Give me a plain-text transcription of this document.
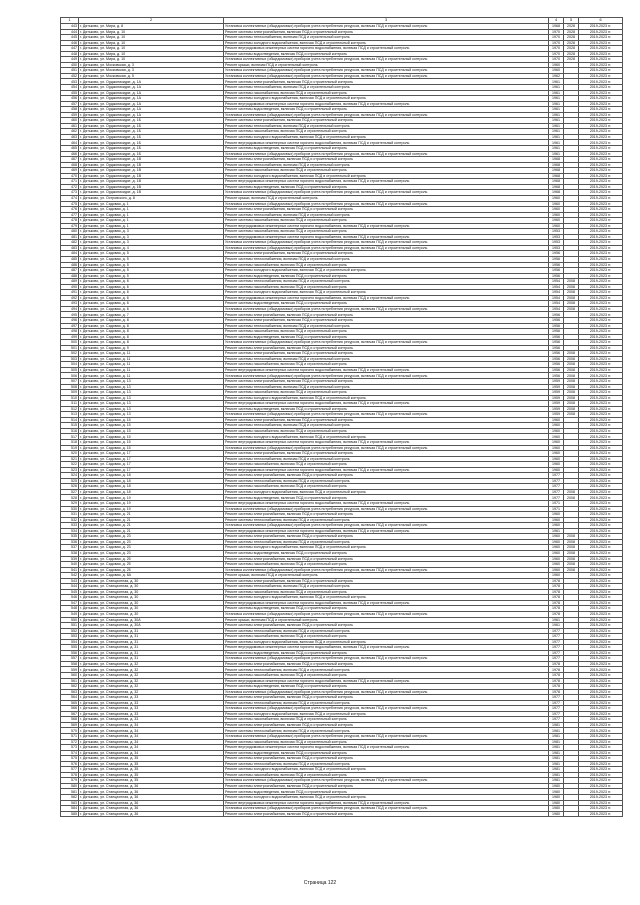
1	2	3	4	5	6
443	г. Дятьково, ул. Мира, д. 8	Установка коллективных (общедомовых) приборов учета потребления ресурсов, включая ПСД и строительный контроль	1968	2028	2019-2023 гг.
444	г. Дятьково, ул. Мира, д. 10	Ремонт системы электроснабжения, включая ПСД и строительный контроль	1970	2028	2019-2023 гг.
445	г. Дятьково, ул. Мира, д. 10	Ремонт системы теплоснабжения, включая ПСД и строительный контроль	1970	2028	2019-2023 гг.
446	г. Дятьково, ул. Мира, д. 10	Ремонт системы холодного водоснабжения, включая ПСД и строительный контроль	1970	2028	2019-2023 гг.
447	г. Дятьково, ул. Мира, д. 10	Ремонт внутридомовых инженерных систем горячего водоснабжения, включая ПСД и строительный контроль	1970	2028	2019-2023 гг.
448	г. Дятьково, ул. Мира, д. 10	Ремонт системы водоотведения, включая ПСД и строительный контроль	1970	2028	2019-2023 гг.
449	г. Дятьково, ул. Мира, д. 10	Установка коллективных (общедомовых) приборов учета потребления ресурсов, включая ПСД и строительный контроль	1970	2028	2019-2023 гг.
450	г. Дятьково, ул. Московская, д. 3	Ремонт крыши, включая ПСД и строительный контроль	1960		2019-2023 гг.
451	г. Дятьково, ул. Московская, д. 3	Установка коллективных (общедомовых) приборов учета потребления ресурсов, включая ПСД и строительный контроль	1960		2019-2023 гг.
452	г. Дятьково, ул. Московская, д. 5	Установка коллективных (общедомовых) приборов учета потребления ресурсов, включая ПСД и строительный контроль	1962		2019-2023 гг.
453	г. Дятьково, ул. Орджоникидзе, д. 1А	Ремонт системы электроснабжения, включая ПСД и строительный контроль	1961		2019-2023 гг.
454	г. Дятьково, ул. Орджоникидзе, д. 1А	Ремонт системы теплоснабжения, включая ПСД и строительный контроль	1961		2019-2023 гг.
455	г. Дятьково, ул. Орджоникидзе, д. 1А	Ремонт системы газоснабжения, включая ПСД и строительный контроль	1961		2019-2023 гг.
456	г. Дятьково, ул. Орджоникидзе, д. 1А	Ремонт системы холодного водоснабжения, включая ПСД и строительный контроль	1961		2019-2023 гг.
457	г. Дятьково, ул. Орджоникидзе, д. 1А	Ремонт внутридомовых инженерных систем горячего водоснабжения, включая ПСД и строительный контроль	1961		2019-2023 гг.
458	г. Дятьково, ул. Орджоникидзе, д. 1А	Ремонт системы водоотведения, включая ПСД и строительный контроль	1961		2019-2023 гг.
459	г. Дятьково, ул. Орджоникидзе, д. 1А	Установка коллективных (общедомовых) приборов учета потребления ресурсов, включая ПСД и строительный контроль	1961		2019-2023 гг.
460	г. Дятьково, ул. Орджоникидзе, д. 1Б	Ремонт системы электроснабжения, включая ПСД и строительный контроль	1961		2019-2023 гг.
461	г. Дятьково, ул. Орджоникидзе, д. 1Б	Ремонт системы теплоснабжения, включая ПСД и строительный контроль	1961		2019-2023 гг.
462	г. Дятьково, ул. Орджоникидзе, д. 1Б	Ремонт системы газоснабжения, включая ПСД и строительный контроль	1961		2019-2023 гг.
463	г. Дятьково, ул. Орджоникидзе, д. 1Б	Ремонт системы холодного водоснабжения, включая ПСД и строительный контроль	1961		2019-2023 гг.
464	г. Дятьково, ул. Орджоникидзе, д. 1Б	Ремонт внутридомовых инженерных систем горячего водоснабжения, включая ПСД и строительный контроль	1961		2019-2023 гг.
465	г. Дятьково, ул. Орджоникидзе, д. 1Б	Ремонт системы водоотведения, включая ПСД и строительный контроль	1961		2019-2023 гг.
466	г. Дятьково, ул. Орджоникидзе, д. 1Б	Установка коллективных (общедомовых) приборов учета потребления ресурсов, включая ПСД и строительный контроль	1961		2019-2023 гг.
467	г. Дятьково, ул. Орджоникидзе, д. 1В	Ремонт системы электроснабжения, включая ПСД и строительный контроль	1968		2019-2023 гг.
468	г. Дятьково, ул. Орджоникидзе, д. 1В	Ремонт системы теплоснабжения, включая ПСД и строительный контроль	1968		2019-2023 гг.
469	г. Дятьково, ул. Орджоникидзе, д. 1В	Ремонт системы газоснабжения, включая ПСД и строительный контроль	1968		2019-2023 гг.
470	г. Дятьково, ул. Орджоникидзе, д. 1В	Ремонт системы холодного водоснабжения, включая ПСД и строительный контроль	1968		2019-2023 гг.
471	г. Дятьково, ул. Орджоникидзе, д. 1В	Ремонт внутридомовых инженерных систем горячего водоснабжения, включая ПСД и строительный контроль	1968		2019-2023 гг.
472	г. Дятьково, ул. Орджоникидзе, д. 1В	Ремонт системы водоотведения, включая ПСД и строительный контроль	1968		2019-2023 гг.
473	г. Дятьково, ул. Орджоникидзе, д. 1В	Установка коллективных (общедомовых) приборов учета потребления ресурсов, включая ПСД и строительный контроль	1968		2019-2023 гг.
474	г. Дятьково, ул. Островского, д. 8	Ремонт крыши, включая ПСД и строительный контроль	1960		2019-2023 гг.
475	г. Дятьково, ул. Садовая, д. 1	Установка коллективных (общедомовых) приборов учета потребления ресурсов, включая ПСД и строительный контроль	1960		2019-2023 гг.
476	г. Дятьково, ул. Садовая, д. 1	Ремонт системы электроснабжения, включая ПСД и строительный контроль	1960		2019-2023 гг.
477	г. Дятьково, ул. Садовая, д. 1	Ремонт системы теплоснабжения, включая ПСД и строительный контроль	1960		2019-2023 гг.
478	г. Дятьково, ул. Садовая, д. 1	Ремонт системы газоснабжения, включая ПСД и строительный контроль	1960		2019-2023 гг.
479	г. Дятьково, ул. Садовая, д. 1	Ремонт внутридомовых инженерных систем горячего водоснабжения, включая ПСД и строительный контроль	1960		2019-2023 гг.
480	г. Дятьково, ул. Садовая, д. 3	Ремонт системы газоснабжения, включая ПСД и строительный контроль	1953		2019-2023 гг.
481	г. Дятьково, ул. Садовая, д. 3	Ремонт внутридомовых инженерных систем горячего водоснабжения, включая ПСД и строительный контроль	1953		2019-2023 гг.
482	г. Дятьково, ул. Садовая, д. 3	Установка коллективных (общедомовых) приборов учета потребления ресурсов, включая ПСД и строительный контроль	1953		2019-2023 гг.
483	г. Дятьково, ул. Садовая, д. 4	Установка коллективных (общедомовых) приборов учета потребления ресурсов, включая ПСД и строительный контроль	1953		2019-2023 гг.
484	г. Дятьково, ул. Садовая, д. 5	Ремонт системы электроснабжения, включая ПСД и строительный контроль	1956		2019-2023 гг.
485	г. Дятьково, ул. Садовая, д. 5	Ремонт системы теплоснабжения, включая ПСД и строительный контроль	1956		2019-2023 гг.
486	г. Дятьково, ул. Садовая, д. 5	Ремонт системы газоснабжения, включая ПСД и строительный контроль	1956		2019-2023 гг.
487	г. Дятьково, ул. Садовая, д. 5	Ремонт системы холодного водоснабжения, включая ПСД и строительный контроль	1956		2019-2023 гг.
488	г. Дятьково, ул. Садовая, д. 5	Ремонт системы водоотведения, включая ПСД и строительный контроль	1956		2019-2023 гг.
489	г. Дятьково, ул. Садовая, д. 6	Ремонт системы теплоснабжения, включая ПСД и строительный контроль	1954	2008	2019-2023 гг.
490	г. Дятьково, ул. Садовая, д. 6	Ремонт системы газоснабжения, включая ПСД и строительный контроль	1954	2008	2019-2023 гг.
491	г. Дятьково, ул. Садовая, д. 6	Ремонт системы холодного водоснабжения, включая ПСД и строительный контроль	1954	2008	2019-2023 гг.
492	г. Дятьково, ул. Садовая, д. 6	Ремонт внутридомовых инженерных систем горячего водоснабжения, включая ПСД и строительный контроль	1954	2008	2019-2023 гг.
493	г. Дятьково, ул. Садовая, д. 6	Ремонт системы водоотведения, включая ПСД и строительный контроль	1954	2008	2019-2023 гг.
494	г. Дятьково, ул. Садовая, д. 6	Установка коллективных (общедомовых) приборов учета потребления ресурсов, включая ПСД и строительный контроль	1954	2008	2019-2023 гг.
495	г. Дятьково, ул. Садовая, д. 7	Ремонт системы электроснабжения, включая ПСД и строительный контроль	1956		2019-2023 гг.
496	г. Дятьково, ул. Садовая, д. 8	Ремонт системы электроснабжения, включая ПСД и строительный контроль	1956		2019-2023 гг.
497	г. Дятьково, ул. Садовая, д. 8	Ремонт системы теплоснабжения, включая ПСД и строительный контроль	1956		2019-2023 гг.
498	г. Дятьково, ул. Садовая, д. 8	Ремонт системы газоснабжения, включая ПСД и строительный контроль	1956		2019-2023 гг.
499	г. Дятьково, ул. Садовая, д. 8	Ремонт системы водоотведения, включая ПСД и строительный контроль	1956		2019-2023 гг.
500	г. Дятьково, ул. Садовая, д. 8	Установка коллективных (общедомовых) приборов учета потребления ресурсов, включая ПСД и строительный контроль	1956		2019-2023 гг.
501	г. Дятьково, ул. Садовая, д. 9	Ремонт системы электроснабжения, включая ПСД и строительный контроль	1956		2019-2023 гг.
502	г. Дятьково, ул. Садовая, д. 11	Ремонт системы электроснабжения, включая ПСД и строительный контроль	1956	2008	2019-2023 гг.
503	г. Дятьково, ул. Садовая, д. 11	Ремонт системы теплоснабжения, включая ПСД и строительный контроль	1956	2008	2019-2023 гг.
504	г. Дятьково, ул. Садовая, д. 11	Ремонт системы газоснабжения, включая ПСД и строительный контроль	1956	2008	2019-2023 гг.
505	г. Дятьково, ул. Садовая, д. 11	Ремонт внутридомовых инженерных систем горячего водоснабжения, включая ПСД и строительный контроль	1956	2008	2019-2023 гг.
506	г. Дятьково, ул. Садовая, д. 11	Установка коллективных (общедомовых) приборов учета потребления ресурсов, включая ПСД и строительный контроль	1956	2008	2019-2023 гг.
507	г. Дятьково, ул. Садовая, д. 13	Ремонт системы электроснабжения, включая ПСД и строительный контроль	1959	2008	2019-2023 гг.
508	г. Дятьково, ул. Садовая, д. 13	Ремонт системы теплоснабжения, включая ПСД и строительный контроль	1959	2008	2019-2023 гг.
509	г. Дятьково, ул. Садовая, д. 13	Ремонт системы газоснабжения, включая ПСД и строительный контроль	1959	2008	2019-2023 гг.
510	г. Дятьково, ул. Садовая, д. 13	Ремонт системы холодного водоснабжения, включая ПСД и строительный контроль	1959	2008	2019-2023 гг.
511	г. Дятьково, ул. Садовая, д. 13	Ремонт внутридомовых инженерных систем горячего водоснабжения, включая ПСД и строительный контроль	1959	2008	2019-2023 гг.
512	г. Дятьково, ул. Садовая, д. 13	Ремонт системы водоотведения, включая ПСД и строительный контроль	1959	2008	2019-2023 гг.
513	г. Дятьково, ул. Садовая, д. 13	Установка коллективных (общедомовых) приборов учета потребления ресурсов, включая ПСД и строительный контроль	1959	2008	2019-2023 гг.
514	г. Дятьково, ул. Садовая, д. 15	Ремонт системы электроснабжения, включая ПСД и строительный контроль	1960		2019-2023 гг.
515	г. Дятьково, ул. Садовая, д. 15	Ремонт системы теплоснабжения, включая ПСД и строительный контроль	1960		2019-2023 гг.
516	г. Дятьково, ул. Садовая, д. 15	Ремонт системы газоснабжения, включая ПСД и строительный контроль	1960		2019-2023 гг.
517	г. Дятьково, ул. Садовая, д. 15	Ремонт системы холодного водоснабжения, включая ПСД и строительный контроль	1960		2019-2023 гг.
518	г. Дятьково, ул. Садовая, д. 15	Ремонт внутридомовых инженерных систем горячего водоснабжения, включая ПСД и строительный контроль	1960		2019-2023 гг.
519	г. Дятьково, ул. Садовая, д. 15	Установка коллективных (общедомовых) приборов учета потребления ресурсов, включая ПСД и строительный контроль	1960		2019-2023 гг.
520	г. Дятьково, ул. Садовая, д. 17	Ремонт системы электроснабжения, включая ПСД и строительный контроль	1960		2019-2023 гг.
521	г. Дятьково, ул. Садовая, д. 17	Ремонт системы теплоснабжения, включая ПСД и строительный контроль	1960		2019-2023 гг.
522	г. Дятьково, ул. Садовая, д. 17	Ремонт системы газоснабжения, включая ПСД и строительный контроль	1960		2019-2023 гг.
523	г. Дятьково, ул. Садовая, д. 17	Ремонт внутридомовых инженерных систем горячего водоснабжения, включая ПСД и строительный контроль	1960		2019-2023 гг.
524	г. Дятьково, ул. Садовая, д. 18	Ремонт системы электроснабжения, включая ПСД и строительный контроль	1977		2019-2023 гг.
525	г. Дятьково, ул. Садовая, д. 18	Ремонт системы теплоснабжения, включая ПСД и строительный контроль	1977		2019-2023 гг.
526	г. Дятьково, ул. Садовая, д. 18	Ремонт системы газоснабжения, включая ПСД и строительный контроль	1977		2019-2023 гг.
527	г. Дятьково, ул. Садовая, д. 18	Ремонт системы холодного водоснабжения, включая ПСД и строительный контроль	1977	2008	2019-2023 гг.
528	г. Дятьково, ул. Садовая, д. 19	Ремонт системы водоотведения, включая ПСД и строительный контроль	1977	2008	2019-2023 гг.
529	г. Дятьково, ул. Садовая, д. 19	Ремонт внутридомовых инженерных систем горячего водоснабжения, включая ПСД и строительный контроль	1971		2019-2023 гг.
530	г. Дятьково, ул. Садовая, д. 19	Установка коллективных (общедомовых) приборов учета потребления ресурсов, включая ПСД и строительный контроль	1971		2019-2023 гг.
531	г. Дятьково, ул. Садовая, д. 21	Ремонт системы электроснабжения, включая ПСД и строительный контроль	1960		2019-2023 гг.
532	г. Дятьково, ул. Садовая, д. 21	Ремонт системы теплоснабжения, включая ПСД и строительный контроль	1960		2019-2023 гг.
533	г. Дятьково, ул. Садовая, д. 21	Установка коллективных (общедомовых) приборов учета потребления ресурсов, включая ПСД и строительный контроль	1960		2019-2023 гг.
534	г. Дятьково, ул. Садовая, д. 21	Ремонт внутридомовых инженерных систем горячего водоснабжения, включая ПСД и строительный контроль	1961		2019-2023 гг.
535	г. Дятьково, ул. Садовая, д. 23	Ремонт системы электроснабжения, включая ПСД и строительный контроль	1960	2008	2019-2023 гг.
536	г. Дятьково, ул. Садовая, д. 23	Ремонт системы теплоснабжения, включая ПСД и строительный контроль	1960	2008	2019-2023 гг.
537	г. Дятьково, ул. Садовая, д. 23	Ремонт системы холодного водоснабжения, включая ПСД и строительный контроль	1960	2008	2019-2023 гг.
538	г. Дятьково, ул. Садовая, д. 23	Ремонт системы водоотведения, включая ПСД и строительный контроль	1960	2008	2019-2023 гг.
539	г. Дятьково, ул. Садовая, д. 25	Ремонт системы электроснабжения, включая ПСД и строительный контроль	1960	2008	2019-2023 гг.
540	г. Дятьково, ул. Садовая, д. 25	Ремонт системы газоснабжения, включая ПСД и строительный контроль	1960	2008	2019-2023 гг.
541	г. Дятьково, ул. Садовая, д. 25	Установка коллективных (общедомовых) приборов учета потребления ресурсов, включая ПСД и строительный контроль	1960	2008	2019-2023 гг.
542	г. Дятьково, ул. Садовая, д. 6А	Ремонт крыши, включая ПСД и строительный контроль	1960		2019-2023 гг.
543	г. Дятьково, ул. Станционная, д. 30	Ремонт системы электроснабжения, включая ПСД и строительный контроль	1978		2019-2023 гг.
544	г. Дятьково, ул. Станционная, д. 30	Ремонт системы теплоснабжения, включая ПСД и строительный контроль	1978		2019-2023 гг.
545	г. Дятьково, ул. Станционная, д. 30	Ремонт системы газоснабжения, включая ПСД и строительный контроль	1978		2019-2023 гг.
546	г. Дятьково, ул. Станционная, д. 30	Ремонт системы холодного водоснабжения, включая ПСД и строительный контроль	1978		2019-2023 гг.
547	г. Дятьково, ул. Станционная, д. 30	Ремонт внутридомовых инженерных систем горячего водоснабжения, включая ПСД и строительный контроль	1978		2019-2023 гг.
548	г. Дятьково, ул. Станционная, д. 30	Ремонт системы водоотведения, включая ПСД и строительный контроль	1978		2019-2023 гг.
549	г. Дятьково, ул. Станционная, д. 30	Установка коллективных (общедомовых) приборов учета потребления ресурсов, включая ПСД и строительный контроль	1978		2019-2023 гг.
550	г. Дятьково, ул. Станционная, д. 30А	Ремонт крыши, включая ПСД и строительный контроль	1961		2019-2023 гг.
551	г. Дятьково, ул. Станционная, д. 30А	Ремонт системы электроснабжения, включая ПСД и строительный контроль	1961		2019-2023 гг.
552	г. Дятьково, ул. Станционная, д. 31	Ремонт системы теплоснабжения, включая ПСД и строительный контроль	1977		2019-2023 гг.
553	г. Дятьково, ул. Станционная, д. 31	Ремонт системы газоснабжения, включая ПСД и строительный контроль	1977		2019-2023 гг.
554	г. Дятьково, ул. Станционная, д. 31	Ремонт системы холодного водоснабжения, включая ПСД и строительный контроль	1977		2019-2023 гг.
555	г. Дятьково, ул. Станционная, д. 31	Ремонт внутридомовых инженерных систем горячего водоснабжения, включая ПСД и строительный контроль	1977		2019-2023 гг.
556	г. Дятьково, ул. Станционная, д. 31	Ремонт системы водоотведения, включая ПСД и строительный контроль	1977		2019-2023 гг.
557	г. Дятьково, ул. Станционная, д. 31	Установка коллективных (общедомовых) приборов учета потребления ресурсов, включая ПСД и строительный контроль	1977		2019-2023 гг.
558	г. Дятьково, ул. Станционная, д. 32	Ремонт системы электроснабжения, включая ПСД и строительный контроль	1978		2019-2023 гг.
559	г. Дятьково, ул. Станционная, д. 32	Ремонт системы теплоснабжения, включая ПСД и строительный контроль	1978		2019-2023 гг.
560	г. Дятьково, ул. Станционная, д. 32	Ремонт системы газоснабжения, включая ПСД и строительный контроль	1978		2019-2023 гг.
561	г. Дятьково, ул. Станционная, д. 32	Ремонт внутридомовых инженерных систем горячего водоснабжения, включая ПСД и строительный контроль	1978		2019-2023 гг.
562	г. Дятьково, ул. Станционная, д. 32	Ремонт системы водоотведения, включая ПСД и строительный контроль	1978		2019-2023 гг.
563	г. Дятьково, ул. Станционная, д. 32	Установка коллективных (общедомовых) приборов учета потребления ресурсов, включая ПСД и строительный контроль	1978		2019-2023 гг.
564	г. Дятьково, ул. Станционная, д. 33	Ремонт системы электроснабжения, включая ПСД и строительный контроль	1977		2019-2023 гг.
565	г. Дятьково, ул. Станционная, д. 33	Ремонт системы теплоснабжения, включая ПСД и строительный контроль	1977		2019-2023 гг.
566	г. Дятьково, ул. Станционная, д. 33	Установка коллективных (общедомовых) приборов учета потребления ресурсов, включая ПСД и строительный контроль	1977		2019-2023 гг.
567	г. Дятьково, ул. Станционная, д. 33	Ремонт системы холодного водоснабжения, включая ПСД и строительный контроль	1977		2019-2023 гг.
568	г. Дятьково, ул. Станционная, д. 33	Ремонт системы газоснабжения, включая ПСД и строительный контроль	1977		2019-2023 гг.
569	г. Дятьково, ул. Станционная, д. 34	Ремонт системы электроснабжения, включая ПСД и строительный контроль	1981		2019-2023 гг.
570	г. Дятьково, ул. Станционная, д. 34	Ремонт системы теплоснабжения, включая ПСД и строительный контроль	1981		2019-2023 гг.
571	г. Дятьково, ул. Станционная, д. 34	Установка коллективных (общедомовых) приборов учета потребления ресурсов, включая ПСД и строительный контроль	1981		2019-2023 гг.
572	г. Дятьково, ул. Станционная, д. 34	Ремонт системы газоснабжения, включая ПСД и строительный контроль	1981		2019-2023 гг.
573	г. Дятьково, ул. Станционная, д. 34	Ремонт внутридомовых инженерных систем горячего водоснабжения, включая ПСД и строительный контроль	1981		2019-2023 гг.
574	г. Дятьково, ул. Станционная, д. 34	Ремонт системы водоотведения, включая ПСД и строительный контроль	1981		2019-2023 гг.
575	г. Дятьково, ул. Станционная, д. 35	Ремонт системы электроснабжения, включая ПСД и строительный контроль	1981		2019-2023 гг.
576	г. Дятьково, ул. Станционная, д. 35	Ремонт системы теплоснабжения, включая ПСД и строительный контроль	1981		2019-2023 гг.
577	г. Дятьково, ул. Станционная, д. 35	Ремонт системы холодного водоснабжения, включая ПСД и строительный контроль	1981		2019-2023 гг.
578	г. Дятьково, ул. Станционная, д. 35	Ремонт системы газоснабжения, включая ПСД и строительный контроль	1981		2019-2023 гг.
579	г. Дятьково, ул. Станционная, д. 35	Установка коллективных (общедомовых) приборов учета потребления ресурсов, включая ПСД и строительный контроль	1981		2019-2023 гг.
580	г. Дятьково, ул. Станционная, д. 36	Ремонт системы электроснабжения, включая ПСД и строительный контроль	1980		2019-2023 гг.
581	г. Дятьково, ул. Станционная, д. 36	Ремонт системы водоотведения, включая ПСД и строительный контроль	1980		2019-2023 гг.
582	г. Дятьково, ул. Станционная, д. 36	Ремонт системы холодного водоснабжения, включая ПСД и строительный контроль	1980		2019-2023 гг.
583	г. Дятьково, ул. Станционная, д. 36	Ремонт внутридомовых инженерных систем горячего водоснабжения, включая ПСД и строительный контроль	1980		2019-2023 гг.
584	г. Дятьково, ул. Станционная, д. 36	Установка коллективных (общедомовых) приборов учета потребления ресурсов, включая ПСД и строительный контроль	1980		2019-2023 гг.
585	г. Дятьково, ул. Станционная, д. 36	Ремонт системы электроснабжения, включая ПСД и строительный контроль	1980		2019-2023 гг.
Страница 122
